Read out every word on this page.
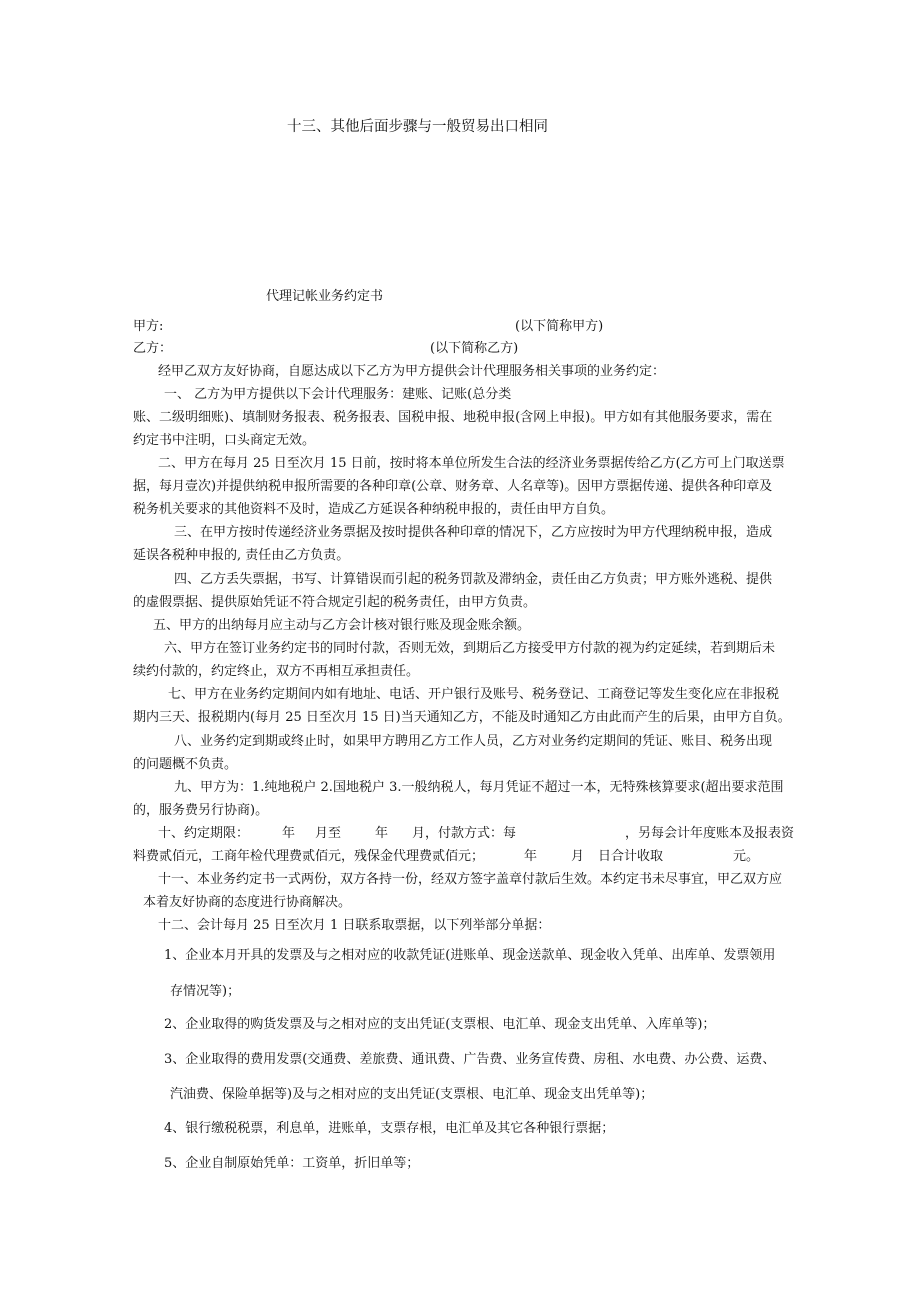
十三、其他后面步骤与一般贸易出口相同
代理记帐业务约定书
甲方:	(以下简称甲方)
乙方：	(以下简称乙方)
经甲乙双方友好协商，自愿达成以下乙方为甲方提供会计代理服务相关事项的业务约定：
一、 乙方为甲方提供以下会计代理服务：建账、记账(总分类
账、二级明细账)、填制财务报表、税务报表、国税申报、地税申报(含网上申报)。甲方如有其他服务要求，需在
约定书中注明，口头商定无效。
二、甲方在每月 25 日至次月 15 日前，按时将本单位所发生合法的经济业务票据传给乙方(乙方可上门取送票
据，每月壹次)并提供纳税申报所需要的各种印章(公章、财务章、人名章等)。因甲方票据传递、提供各种印章及
税务机关要求的其他资料不及时，造成乙方延误各种纳税申报的，责任由甲方自负。
三、在甲方按时传递经济业务票据及按时提供各种印章的情况下，乙方应按时为甲方代理纳税申报，造成
延误各税种申报的, 责任由乙方负责。
四、乙方丢失票据，书写、计算错误而引起的税务罚款及滞纳金，责任由乙方负责；甲方账外逃税、提供
的虚假票据、提供原始凭证不符合规定引起的税务责任，由甲方负责。
五、甲方的出纳每月应主动与乙方会计核对银行账及现金账余额。
六、甲方在签订业务约定书的同时付款，否则无效，到期后乙方接受甲方付款的视为约定延续，若到期后未
续约付款的，约定终止，双方不再相互承担责任。
七、甲方在业务约定期间内如有地址、电话、开户银行及账号、税务登记、工商登记等发生变化应在非报税
期内三天、报税期内(每月 25 日至次月 15 日)当天通知乙方，不能及时通知乙方由此而产生的后果，由甲方自负。
八、业务约定到期或终止时，如果甲方聘用乙方工作人员，乙方对业务约定期间的凭证、账目、税务出现
的问题概不负责。
九、甲方为：1.纯地税户 2.国地税户 3.一般纳税人，每月凭证不超过一本，无特殊核算要求(超出要求范围
的，服务费另行协商)。
十、约定期限：	年 月至	年 月，付款方式：每	，另每会计年度账本及报表资
料费贰佰元，工商年检代理费贰佰元，残保金代理费贰佰元；	年	月 日合计收取	元。
十一、本业务约定书一式两份，双方各持一份，经双方签字盖章付款后生效。本约定书未尽事宜，甲乙双方应
本着友好协商的态度进行协商解决。
十二、会计每月 25 日至次月 1 日联系取票据，以下列举部分单据：
1、企业本月开具的发票及与之相对应的收款凭证(进账单、现金送款单、现金收入凭单、出库单、发票领用
存情况等)；
2、企业取得的购货发票及与之相对应的支出凭证(支票根、电汇单、现金支出凭单、入库单等)；
3、企业取得的费用发票(交通费、差旅费、通讯费、广告费、业务宣传费、房租、水电费、办公费、运费、
汽油费、保险单据等)及与之相对应的支出凭证(支票根、电汇单、现金支出凭单等)；
4、银行缴税税票，利息单，进账单，支票存根，电汇单及其它各种银行票据；
5、企业自制原始凭单：工资单，折旧单等；
